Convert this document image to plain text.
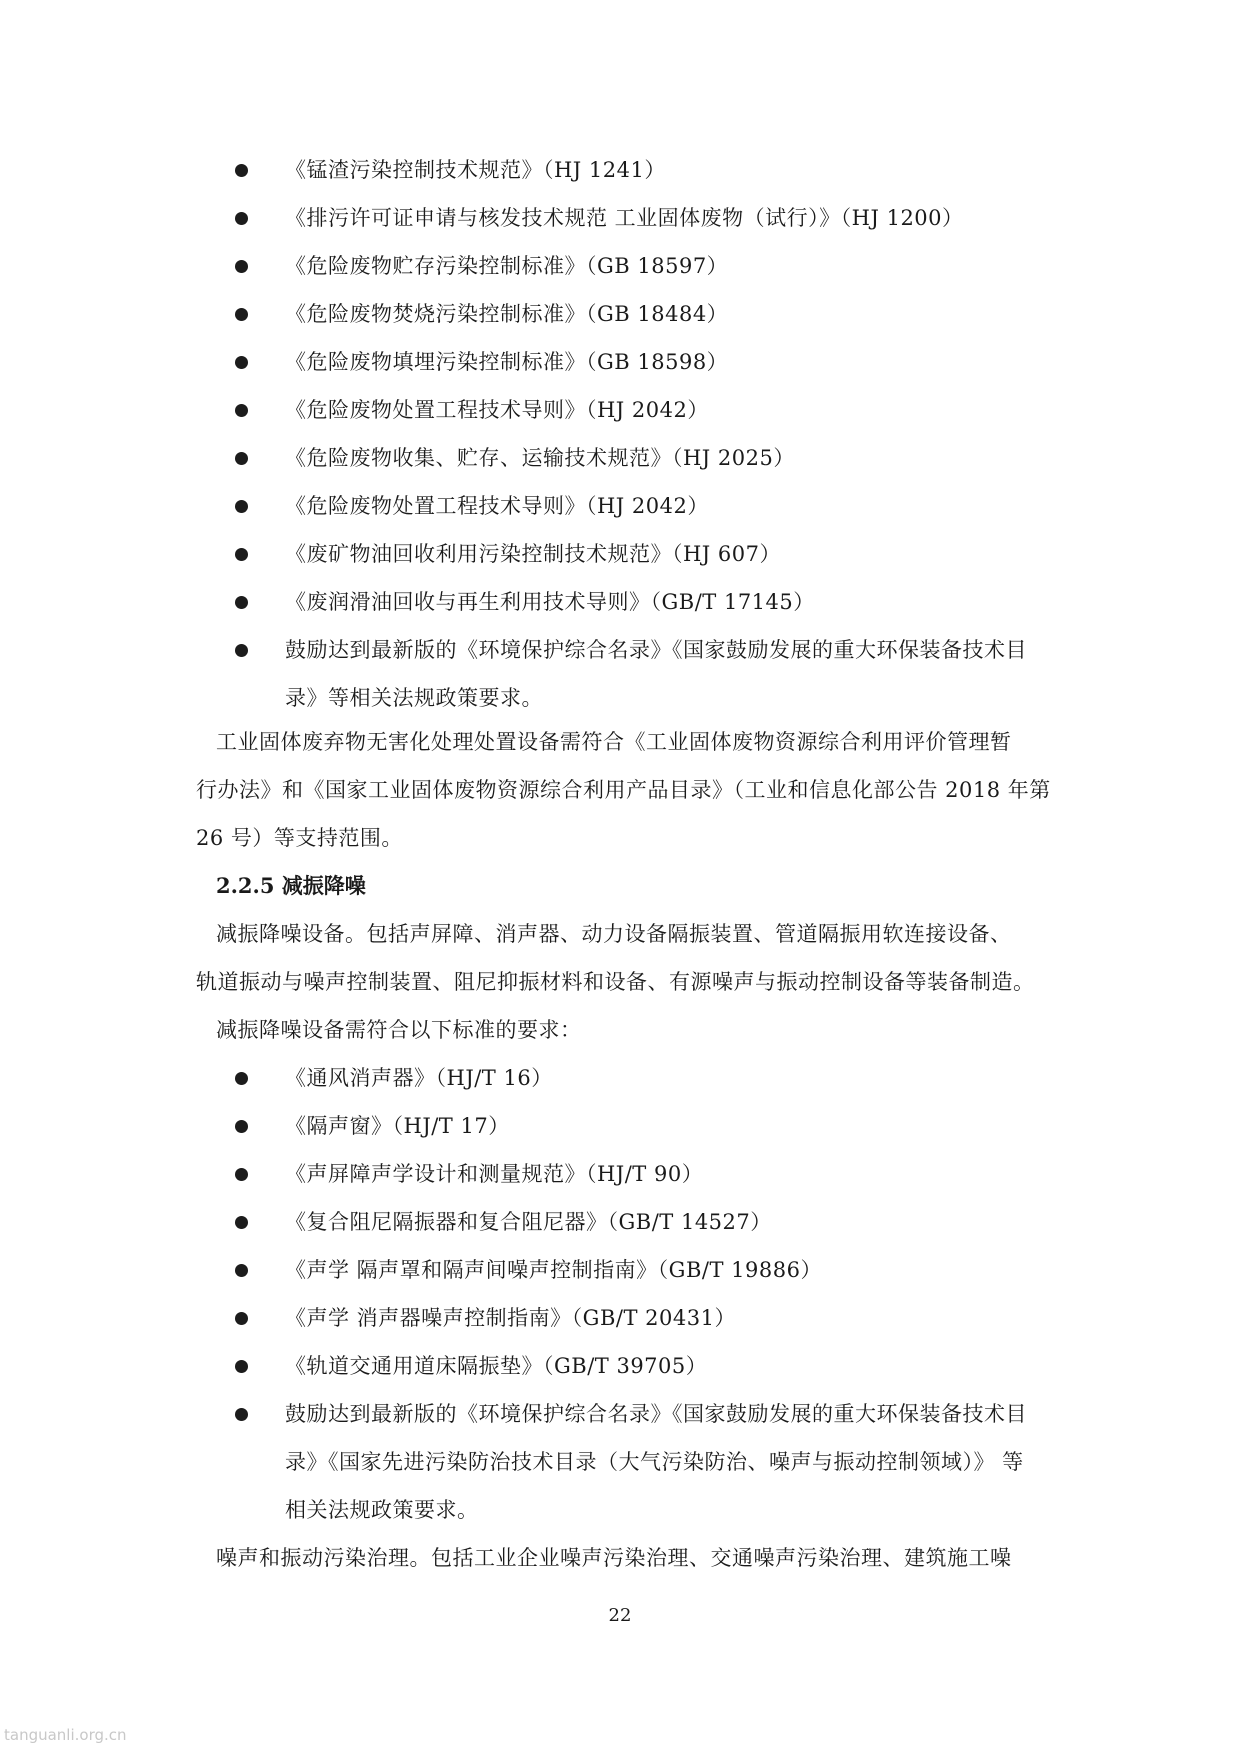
《锰渣污染控制技术规范》（HJ 1241）
《排污许可证申请与核发技术规范 工业固体废物（试行）》（HJ 1200）
《危险废物贮存污染控制标准》（GB 18597）
《危险废物焚烧污染控制标准》（GB 18484）
《危险废物填埋污染控制标准》（GB 18598）
《危险废物处置工程技术导则》（HJ 2042）
《危险废物收集、贮存、运输技术规范》（HJ 2025）
《危险废物处置工程技术导则》（HJ 2042）
《废矿物油回收利用污染控制技术规范》（HJ 607）
《废润滑油回收与再生利用技术导则》（GB/T 17145）
鼓励达到最新版的《环境保护综合名录》《国家鼓励发展的重大环保装备技术目
录》等相关法规政策要求。
工业固体废弃物无害化处理处置设备需符合《工业固体废物资源综合利用评价管理暂
行办法》和《国家工业固体废物资源综合利用产品目录》（工业和信息化部公告 2018 年第
26 号）等支持范围。
2.2.5 减振降噪
减振降噪设备。包括声屏障、消声器、动力设备隔振装置、管道隔振用软连接设备、
轨道振动与噪声控制装置、阻尼抑振材料和设备、有源噪声与振动控制设备等装备制造。
减振降噪设备需符合以下标准的要求：
《通风消声器》（HJ/T 16）
《隔声窗》（HJ/T 17）
《声屏障声学设计和测量规范》（HJ/T 90）
《复合阻尼隔振器和复合阻尼器》（GB/T 14527）
《声学 隔声罩和隔声间噪声控制指南》（GB/T 19886）
《声学 消声器噪声控制指南》（GB/T 20431）
《轨道交通用道床隔振垫》（GB/T 39705）
鼓励达到最新版的《环境保护综合名录》《国家鼓励发展的重大环保装备技术目
录》《国家先进污染防治技术目录（大气污染防治、噪声与振动控制领域）》 等
相关法规政策要求。
噪声和振动污染治理。包括工业企业噪声污染治理、交通噪声污染治理、建筑施工噪
22
tanguanli.org.cn
